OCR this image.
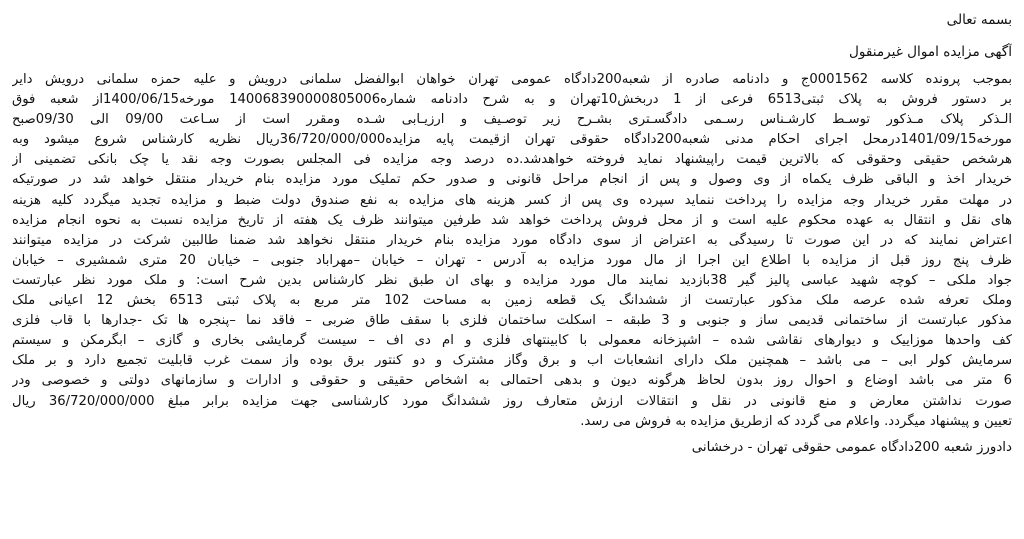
بسمه تعالی
آگهی مزایده اموال غیرمنقول
بموجب پرونده کلاسه 0001562ج و دادنامه صادره از شعبه200دادگاه عمومی تهران خواهان ابوالفضل سلمانی درویش و علیه حمزه سلمانی درویش دایر
بر دستور فروش به پلاک ثبتی6513 فرعی از 1 دربخش10تهران و به شرح دادنامه شماره140068390000805006 مورخه1400/06/15از شعبه فوق
الـذکر پلاک مـذکور توسـط کارشـناس رسـمی دادگسـتری بشـرح زیر توصـیف و ارزیـابی شـده ومقرر است از سـاعت 09/00 الی 09/30صبح
مورخه1401/09/15درمحل اجرای احکام مدنی شعبه200دادگاه حقوقی تهران ازقیمت پایه مزایده36/720/000/000ریال نظریه کارشناس شروع میشود وبه
هرشخص حقیقی وحقوقی که بالاترین قیمت راپیشنهاد نماید فروخته خواهدشد.ده درصد وجه مزایده فی المجلس بصورت وجه نقد یا چک بانکی تضمینی از
خریدار اخذ و الباقی ظرف یکماه از وی وصول و پس از انجام مراحل قانونی و صدور حکم تملیک مورد مزایده بنام خریدار منتقل خواهد شد در صورتیکه
در مهلت مقرر خریدار وجه مزایده را پرداخت ننماید سپرده وی پس از کسر هزینه های مزایده به نفع صندوق دولت ضبط و مزایده تجدید میگردد کلیه هزینه
های نقل و انتقال به عهده محکوم علیه است و از محل فروش پرداخت خواهد شد طرفین میتوانند ظرف یک هفته از تاریخ مزایده نسبت به نحوه انجام مزایده
اعتراض نمایند که در این صورت تا رسیدگی به اعتراض از سوی دادگاه مورد مزایده بنام خریدار منتقل نخواهد شد ضمنا طالبین شرکت در مزایده میتوانند
ظرف پنج روز قبل از مزایده با اطلاع این اجرا از مال مورد مزایده به آدرس - تهران – خیابان –مهراباد جنوبی – خیابان 20 متری شمشیری – خیابان
جواد ملکی – کوچه شهید عباسی پالیز گیر 38بازدید نمایند مال مورد مزایده و بهای ان طبق نظر کارشناس بدین شرح است: و ملک مورد نظر عبارتست
وملک تعرفه شده عرصه ملک مذکور عبارتست از ششدانگ یک قطعه زمین به مساحت 102 متر مربع به پلاک ثبتی 6513 بخش 12 اعیانی ملک
مذکور عبارتست از ساختمانی قدیمی ساز و جنوبی و 3 طبقه – اسکلت ساختمان فلزی با سقف طاق ضربی – فاقد نما –پنجره ها تک -جدارها با قاب فلزی
کف واحدها موزاییک و دیوارهای نقاشی شده – اشپزخانه معمولی با کابینتهای فلزی و ام دی اف – سیست گرمایشی بخاری و گازی – ابگرمکن و سیستم
سرمایش کولر ابی – می باشد – همچنین ملک دارای انشعابات اب و برق وگاز مشترک و دو کنتور برق بوده واز سمت غرب قابلیت تجمیع دارد و بر ملک
6 متر می باشد اوضاع و احوال روز بدون لحاظ هرگونه دیون و بدهی احتمالی به اشخاص حقیقی و حقوقی و ادارات و سازمانهای دولتی و خصوصی ودر
صورت نداشتن معارض و منع قانونی در نقل و انتقالات ارزش متعارف روز ششدانگ مورد کارشناسی جهت مزایده برابر مبلغ 36/720/000/000 ریال
تعیین و پیشنهاد میگردد. واعلام می گردد که ازطریق مزایده به فروش می رسد.
دادورز شعبه 200دادگاه عمومی حقوقی تهران - درخشانی
